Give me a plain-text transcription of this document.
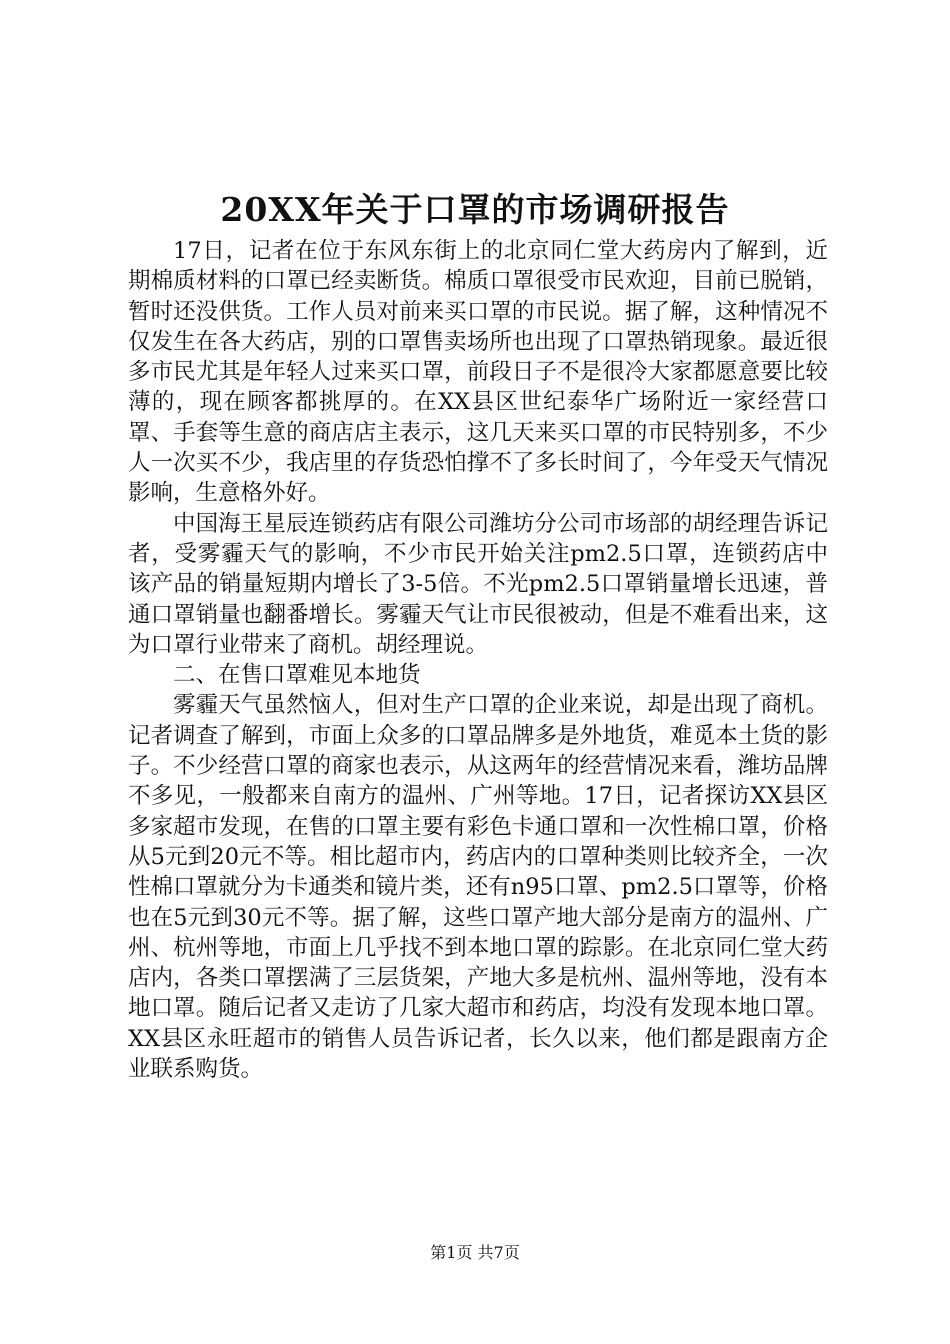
20XX年关于口罩的市场调研报告

17日，记者在位于东风东街上的北京同仁堂大药房内了解到，近期棉质材料的口罩已经卖断货。棉质口罩很受市民欢迎，目前已脱销，暂时还没供货。工作人员对前来买口罩的市民说。据了解，这种情况不仅发生在各大药店，别的口罩售卖场所也出现了口罩热销现象。最近很多市民尤其是年轻人过来买口罩，前段日子不是很冷大家都愿意要比较薄的，现在顾客都挑厚的。在XX县区世纪泰华广场附近一家经营口罩、手套等生意的商店店主表示，这几天来买口罩的市民特别多，不少人一次买不少，我店里的存货恐怕撑不了多长时间了，今年受天气情况影响，生意格外好。

中国海王星辰连锁药店有限公司潍坊分公司市场部的胡经理告诉记者，受雾霾天气的影响，不少市民开始关注pm2.5口罩，连锁药店中该产品的销量短期内增长了3-5倍。不光pm2.5口罩销量增长迅速，普通口罩销量也翻番增长。雾霾天气让市民很被动，但是不难看出来，这为口罩行业带来了商机。胡经理说。

二、在售口罩难见本地货

雾霾天气虽然恼人，但对生产口罩的企业来说，却是出现了商机。记者调查了解到，市面上众多的口罩品牌多是外地货，难觅本土货的影子。不少经营口罩的商家也表示，从这两年的经营情况来看，潍坊品牌不多见，一般都来自南方的温州、广州等地。17日，记者探访XX县区多家超市发现，在售的口罩主要有彩色卡通口罩和一次性棉口罩，价格从5元到20元不等。相比超市内，药店内的口罩种类则比较齐全，一次性棉口罩就分为卡通类和镜片类，还有n95口罩、pm2.5口罩等，价格也在5元到30元不等。据了解，这些口罩产地大部分是南方的温州、广州、杭州等地，市面上几乎找不到本地口罩的踪影。在北京同仁堂大药店内，各类口罩摆满了三层货架，产地大多是杭州、温州等地，没有本地口罩。随后记者又走访了几家大超市和药店，均没有发现本地口罩。XX县区永旺超市的销售人员告诉记者，长久以来，他们都是跟南方企业联系购货。

第1页 共7页
